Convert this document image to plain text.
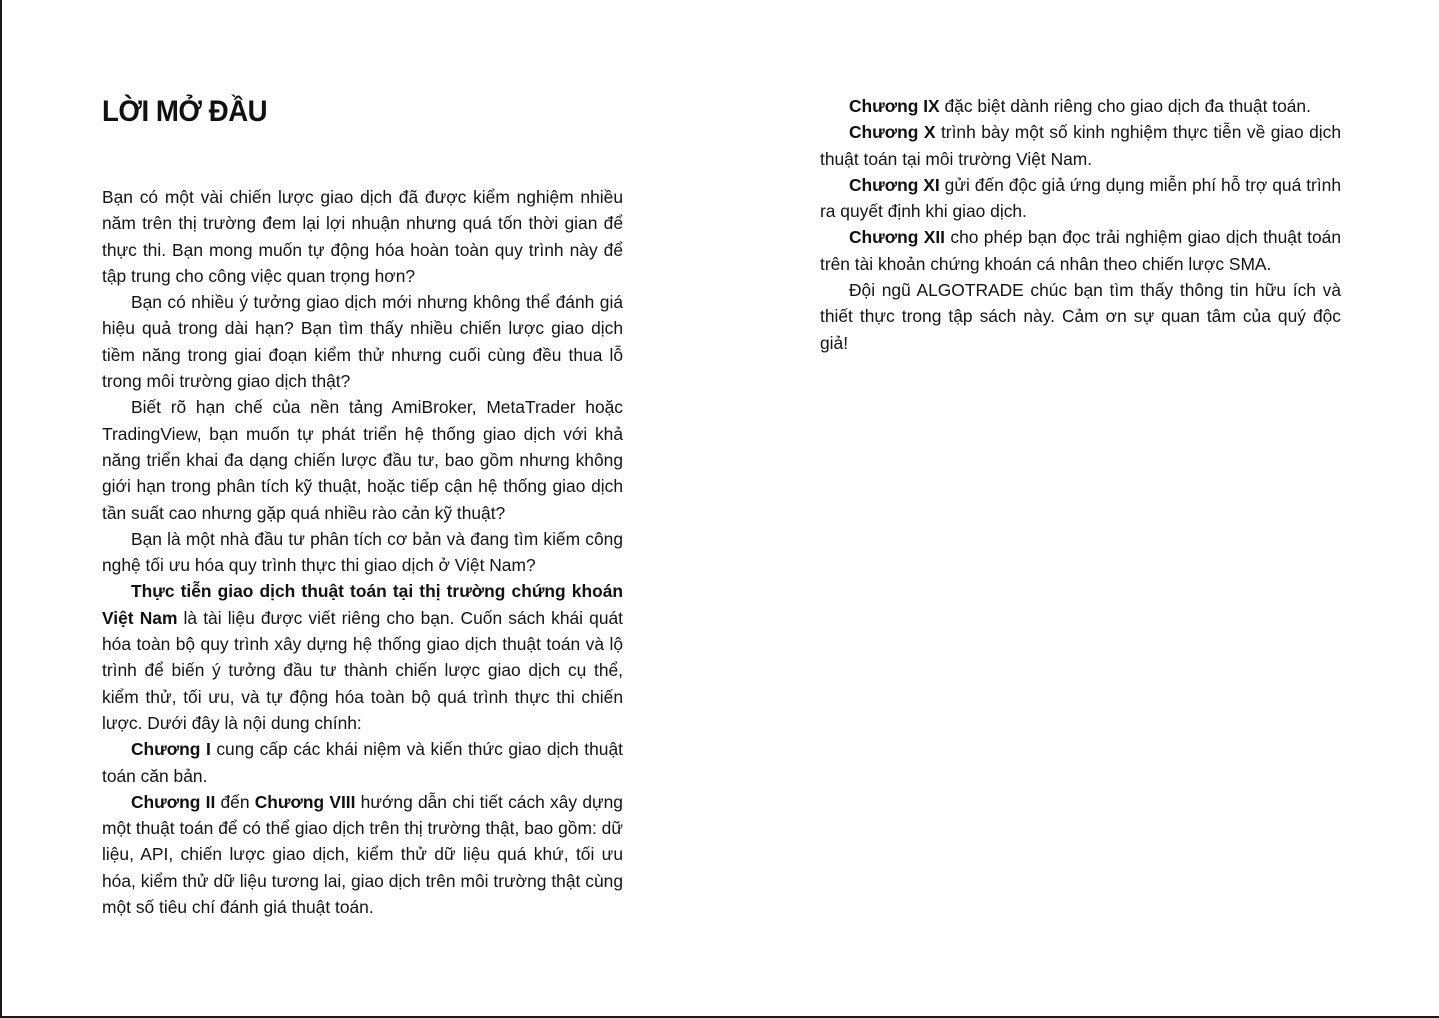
LỜI MỞ ĐẦU

Bạn có một vài chiến lược giao dịch đã được kiểm nghiệm nhiều năm trên thị trường đem lại lợi nhuận nhưng quá tốn thời gian để thực thi. Bạn mong muốn tự động hóa hoàn toàn quy trình này để tập trung cho công việc quan trọng hơn?

Bạn có nhiều ý tưởng giao dịch mới nhưng không thể đánh giá hiệu quả trong dài hạn? Bạn tìm thấy nhiều chiến lược giao dịch tiềm năng trong giai đoạn kiểm thử nhưng cuối cùng đều thua lỗ trong môi trường giao dịch thật?

Biết rõ hạn chế của nền tảng AmiBroker, MetaTrader hoặc TradingView, bạn muốn tự phát triển hệ thống giao dịch với khả năng triển khai đa dạng chiến lược đầu tư, bao gồm nhưng không giới hạn trong phân tích kỹ thuật, hoặc tiếp cận hệ thống giao dịch tần suất cao nhưng gặp quá nhiều rào cản kỹ thuật?

Bạn là một nhà đầu tư phân tích cơ bản và đang tìm kiếm công nghệ tối ưu hóa quy trình thực thi giao dịch ở Việt Nam?

Thực tiễn giao dịch thuật toán tại thị trường chứng khoán Việt Nam là tài liệu được viết riêng cho bạn. Cuốn sách khái quát hóa toàn bộ quy trình xây dựng hệ thống giao dịch thuật toán và lộ trình để biến ý tưởng đầu tư thành chiến lược giao dịch cụ thể, kiểm thử, tối ưu, và tự động hóa toàn bộ quá trình thực thi chiến lược. Dưới đây là nội dung chính:

Chương I cung cấp các khái niệm và kiến thức giao dịch thuật toán căn bản.

Chương II đến Chương VIII hướng dẫn chi tiết cách xây dựng một thuật toán để có thể giao dịch trên thị trường thật, bao gồm: dữ liệu, API, chiến lược giao dịch, kiểm thử dữ liệu quá khứ, tối ưu hóa, kiểm thử dữ liệu tương lai, giao dịch trên môi trường thật cùng một số tiêu chí đánh giá thuật toán.

Chương IX đặc biệt dành riêng cho giao dịch đa thuật toán.

Chương X trình bày một số kinh nghiệm thực tiễn về giao dịch thuật toán tại môi trường Việt Nam.

Chương XI gửi đến độc giả ứng dụng miễn phí hỗ trợ quá trình ra quyết định khi giao dịch.

Chương XII cho phép bạn đọc trải nghiệm giao dịch thuật toán trên tài khoản chứng khoán cá nhân theo chiến lược SMA.

Đội ngũ ALGOTRADE chúc bạn tìm thấy thông tin hữu ích và thiết thực trong tập sách này. Cảm ơn sự quan tâm của quý độc giả!
